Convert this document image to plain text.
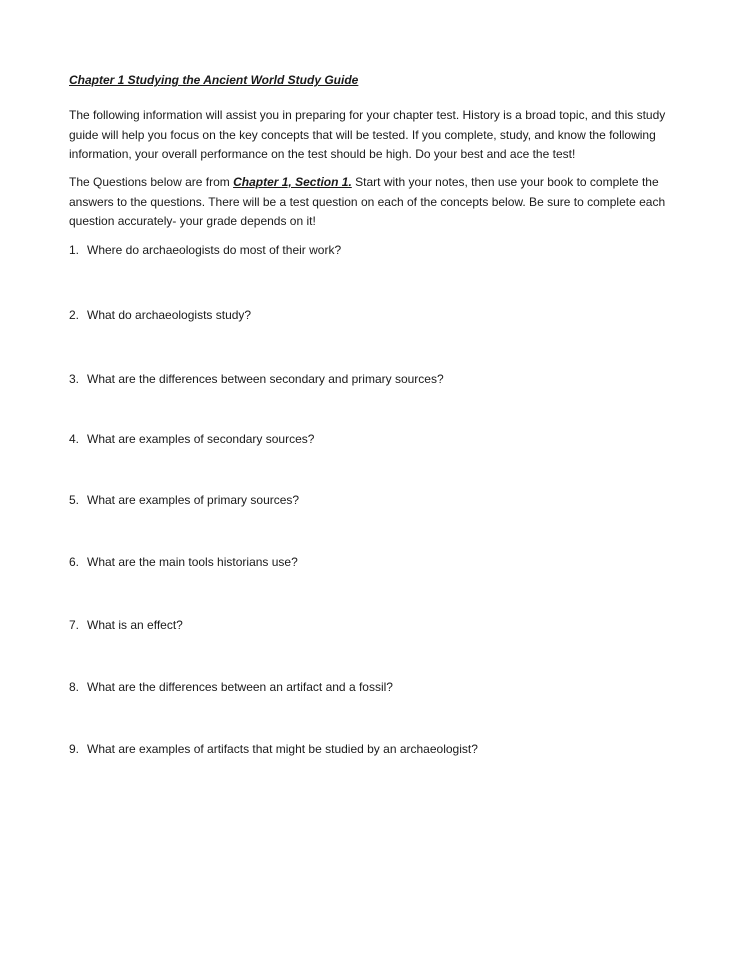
Chapter 1 Studying the Ancient World Study Guide
The following information will assist you in preparing for your chapter test. History is a broad topic, and this study guide will help you focus on the key concepts that will be tested. If you complete, study, and know the following information, your overall performance on the test should be high. Do your best and ace the test!
The Questions below are from Chapter 1, Section 1. Start with your notes, then use your book to complete the answers to the questions. There will be a test question on each of the concepts below. Be sure to complete each question accurately- your grade depends on it!
1. Where do archaeologists do most of their work?
2. What do archaeologists study?
3. What are the differences between secondary and primary sources?
4. What are examples of secondary sources?
5. What are examples of primary sources?
6. What are the main tools historians use?
7. What is an effect?
8. What are the differences between an artifact and a fossil?
9. What are examples of artifacts that might be studied by an archaeologist?
